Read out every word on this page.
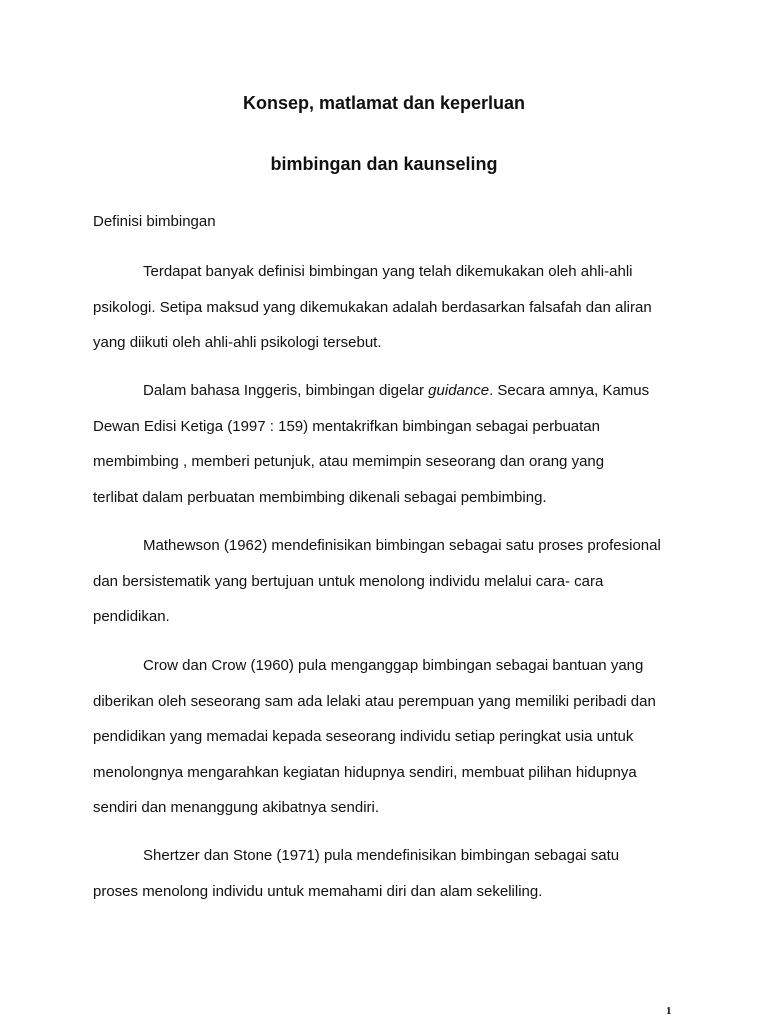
Konsep, matlamat dan keperluan
bimbingan dan kaunseling

Definisi bimbingan

Terdapat banyak definisi bimbingan yang telah dikemukakan oleh ahli-ahli
psikologi. Setipa maksud yang dikemukakan adalah berdasarkan falsafah dan aliran
yang diikuti oleh ahli-ahli psikologi tersebut.

Dalam bahasa Inggeris, bimbingan digelar guidance. Secara amnya, Kamus
Dewan Edisi Ketiga (1997 : 159) mentakrifkan bimbingan sebagai perbuatan
membimbing , memberi petunjuk, atau memimpin seseorang dan orang yang
terlibat dalam perbuatan membimbing dikenali sebagai pembimbing.

Mathewson (1962) mendefinisikan bimbingan sebagai satu proses profesional
dan bersistematik yang bertujuan untuk menolong individu melalui cara- cara
pendidikan.

Crow dan Crow (1960) pula menganggap bimbingan sebagai bantuan yang
diberikan oleh seseorang sam ada lelaki atau perempuan yang memiliki peribadi dan
pendidikan yang memadai kepada seseorang individu setiap peringkat usia untuk
menolongnya mengarahkan kegiatan hidupnya sendiri, membuat pilihan hidupnya
sendiri dan menanggung akibatnya sendiri.

Shertzer dan Stone (1971) pula mendefinisikan bimbingan sebagai satu
proses menolong individu untuk memahami diri dan alam sekeliling.

1
